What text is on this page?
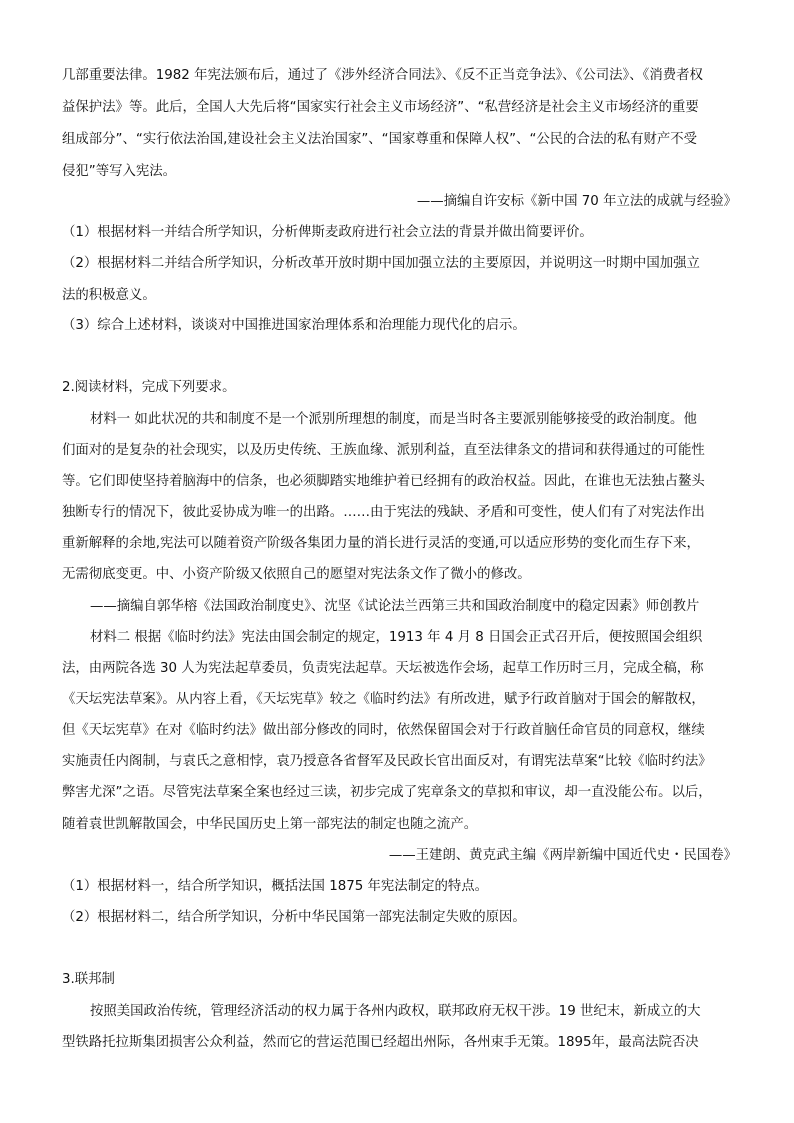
几部重要法律。1982 年宪法颁布后，通过了《涉外经济合同法》、《反不正当竞争法》、《公司法》、《消费者权
益保护法》等。此后，全国人大先后将“国家实行社会主义市场经济”、“私营经济是社会主义市场经济的重要
组成部分”、“实行依法治国,建设社会主义法治国家”、“国家尊重和保障人权”、“公民的合法的私有财产不受
侵犯”等写入宪法。
——摘编自许安标《新中国 70 年立法的成就与经验》
（1）根据材料一并结合所学知识，分析俾斯麦政府进行社会立法的背景并做出简要评价。
（2）根据材料二并结合所学知识，分析改革开放时期中国加强立法的主要原因，并说明这一时期中国加强立
法的积极意义。
（3）综合上述材料，谈谈对中国推进国家治理体系和治理能力现代化的启示。
2.阅读材料，完成下列要求。
材料一 如此状况的共和制度不是一个派别所理想的制度，而是当时各主要派别能够接受的政治制度。他
们面对的是复杂的社会现实，以及历史传统、王族血缘、派别利益，直至法律条文的措词和获得通过的可能性
等。它们即使坚持着脑海中的信条，也必须脚踏实地维护着已经拥有的政治权益。因此，在谁也无法独占鳌头
独断专行的情况下，彼此妥协成为唯一的出路。……由于宪法的残缺、矛盾和可变性，使人们有了对宪法作出
重新解释的余地,宪法可以随着资产阶级各集团力量的消长进行灵活的变通,可以适应形势的变化而生存下来，
无需彻底变更。中、小资产阶级又依照自己的愿望对宪法条文作了微小的修改。
——摘编自郭华榕《法国政治制度史》、沈坚《试论法兰西第三共和国政治制度中的稳定因素》师创教片
材料二 根据《临时约法》宪法由国会制定的规定，1913 年 4 月 8 日国会正式召开后，便按照国会组织
法，由两院各选 30 人为宪法起草委员，负责宪法起草。天坛被选作会场，起草工作历时三月，完成全稿，称
《天坛宪法草案》。从内容上看，《天坛宪草》较之《临时约法》有所改进，赋予行政首脑对于国会的解散权，
但《天坛宪草》在对《临时约法》做出部分修改的同时，依然保留国会对于行政首脑任命官员的同意权，继续
实施责任内阁制，与袁氏之意相悖，袁乃授意各省督军及民政长官出面反对，有谓宪法草案“比较《临时约法》
弊害尤深”之语。尽管宪法草案全案也经过三读，初步完成了宪章条文的草拟和审议，却一直没能公布。以后，
随着袁世凯解散国会，中华民国历史上第一部宪法的制定也随之流产。
——王建朗、黄克武主编《两岸新编中国近代史・民国卷》
（1）根据材料一，结合所学知识，概括法国 1875 年宪法制定的特点。
（2）根据材料二，结合所学知识，分析中华民国第一部宪法制定失败的原因。
3.联邦制
按照美国政治传统，管理经济活动的权力属于各州内政权，联邦政府无权干涉。19 世纪末，新成立的大
型铁路托拉斯集团损害公众利益，然而它的营运范围已经超出州际，各州束手无策。1895年，最高法院否决
